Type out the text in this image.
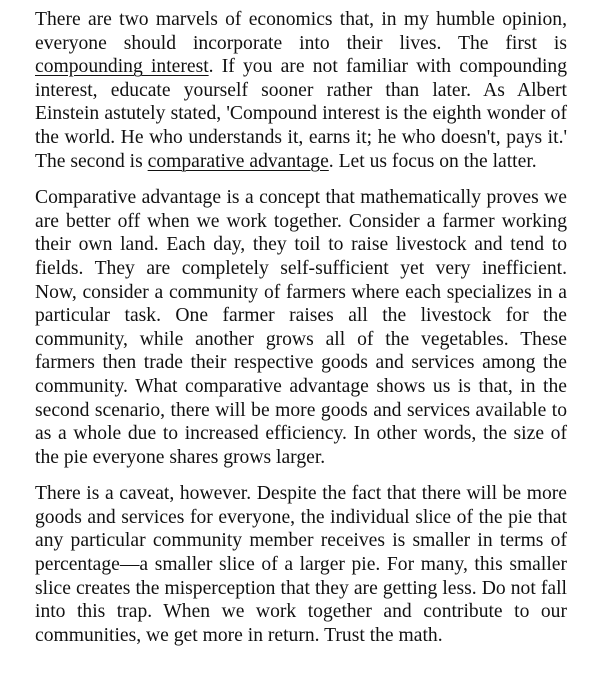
There are two marvels of economics that, in my humble opinion, everyone should incorporate into their lives. The first is compounding interest. If you are not familiar with compounding interest, educate yourself sooner rather than later. As Albert Einstein astutely stated, 'Compound interest is the eighth wonder of the world. He who understands it, earns it; he who doesn't, pays it.' The second is comparative advantage. Let us focus on the latter.

Comparative advantage is a concept that mathematically proves we are better off when we work together. Consider a farmer working their own land. Each day, they toil to raise livestock and tend to fields. They are completely self-sufficient yet very inefficient. Now, consider a community of farmers where each specializes in a particular task. One farmer raises all the livestock for the community, while another grows all of the vegetables. These farmers then trade their respective goods and services among the community. What comparative advantage shows us is that, in the second scenario, there will be more goods and services available to as a whole due to increased efficiency. In other words, the size of the pie everyone shares grows larger.

There is a caveat, however. Despite the fact that there will be more goods and services for everyone, the individual slice of the pie that any particular community member receives is smaller in terms of percentage—a smaller slice of a larger pie. For many, this smaller slice creates the misperception that they are getting less. Do not fall into this trap. When we work together and contribute to our communities, we get more in return. Trust the math.
